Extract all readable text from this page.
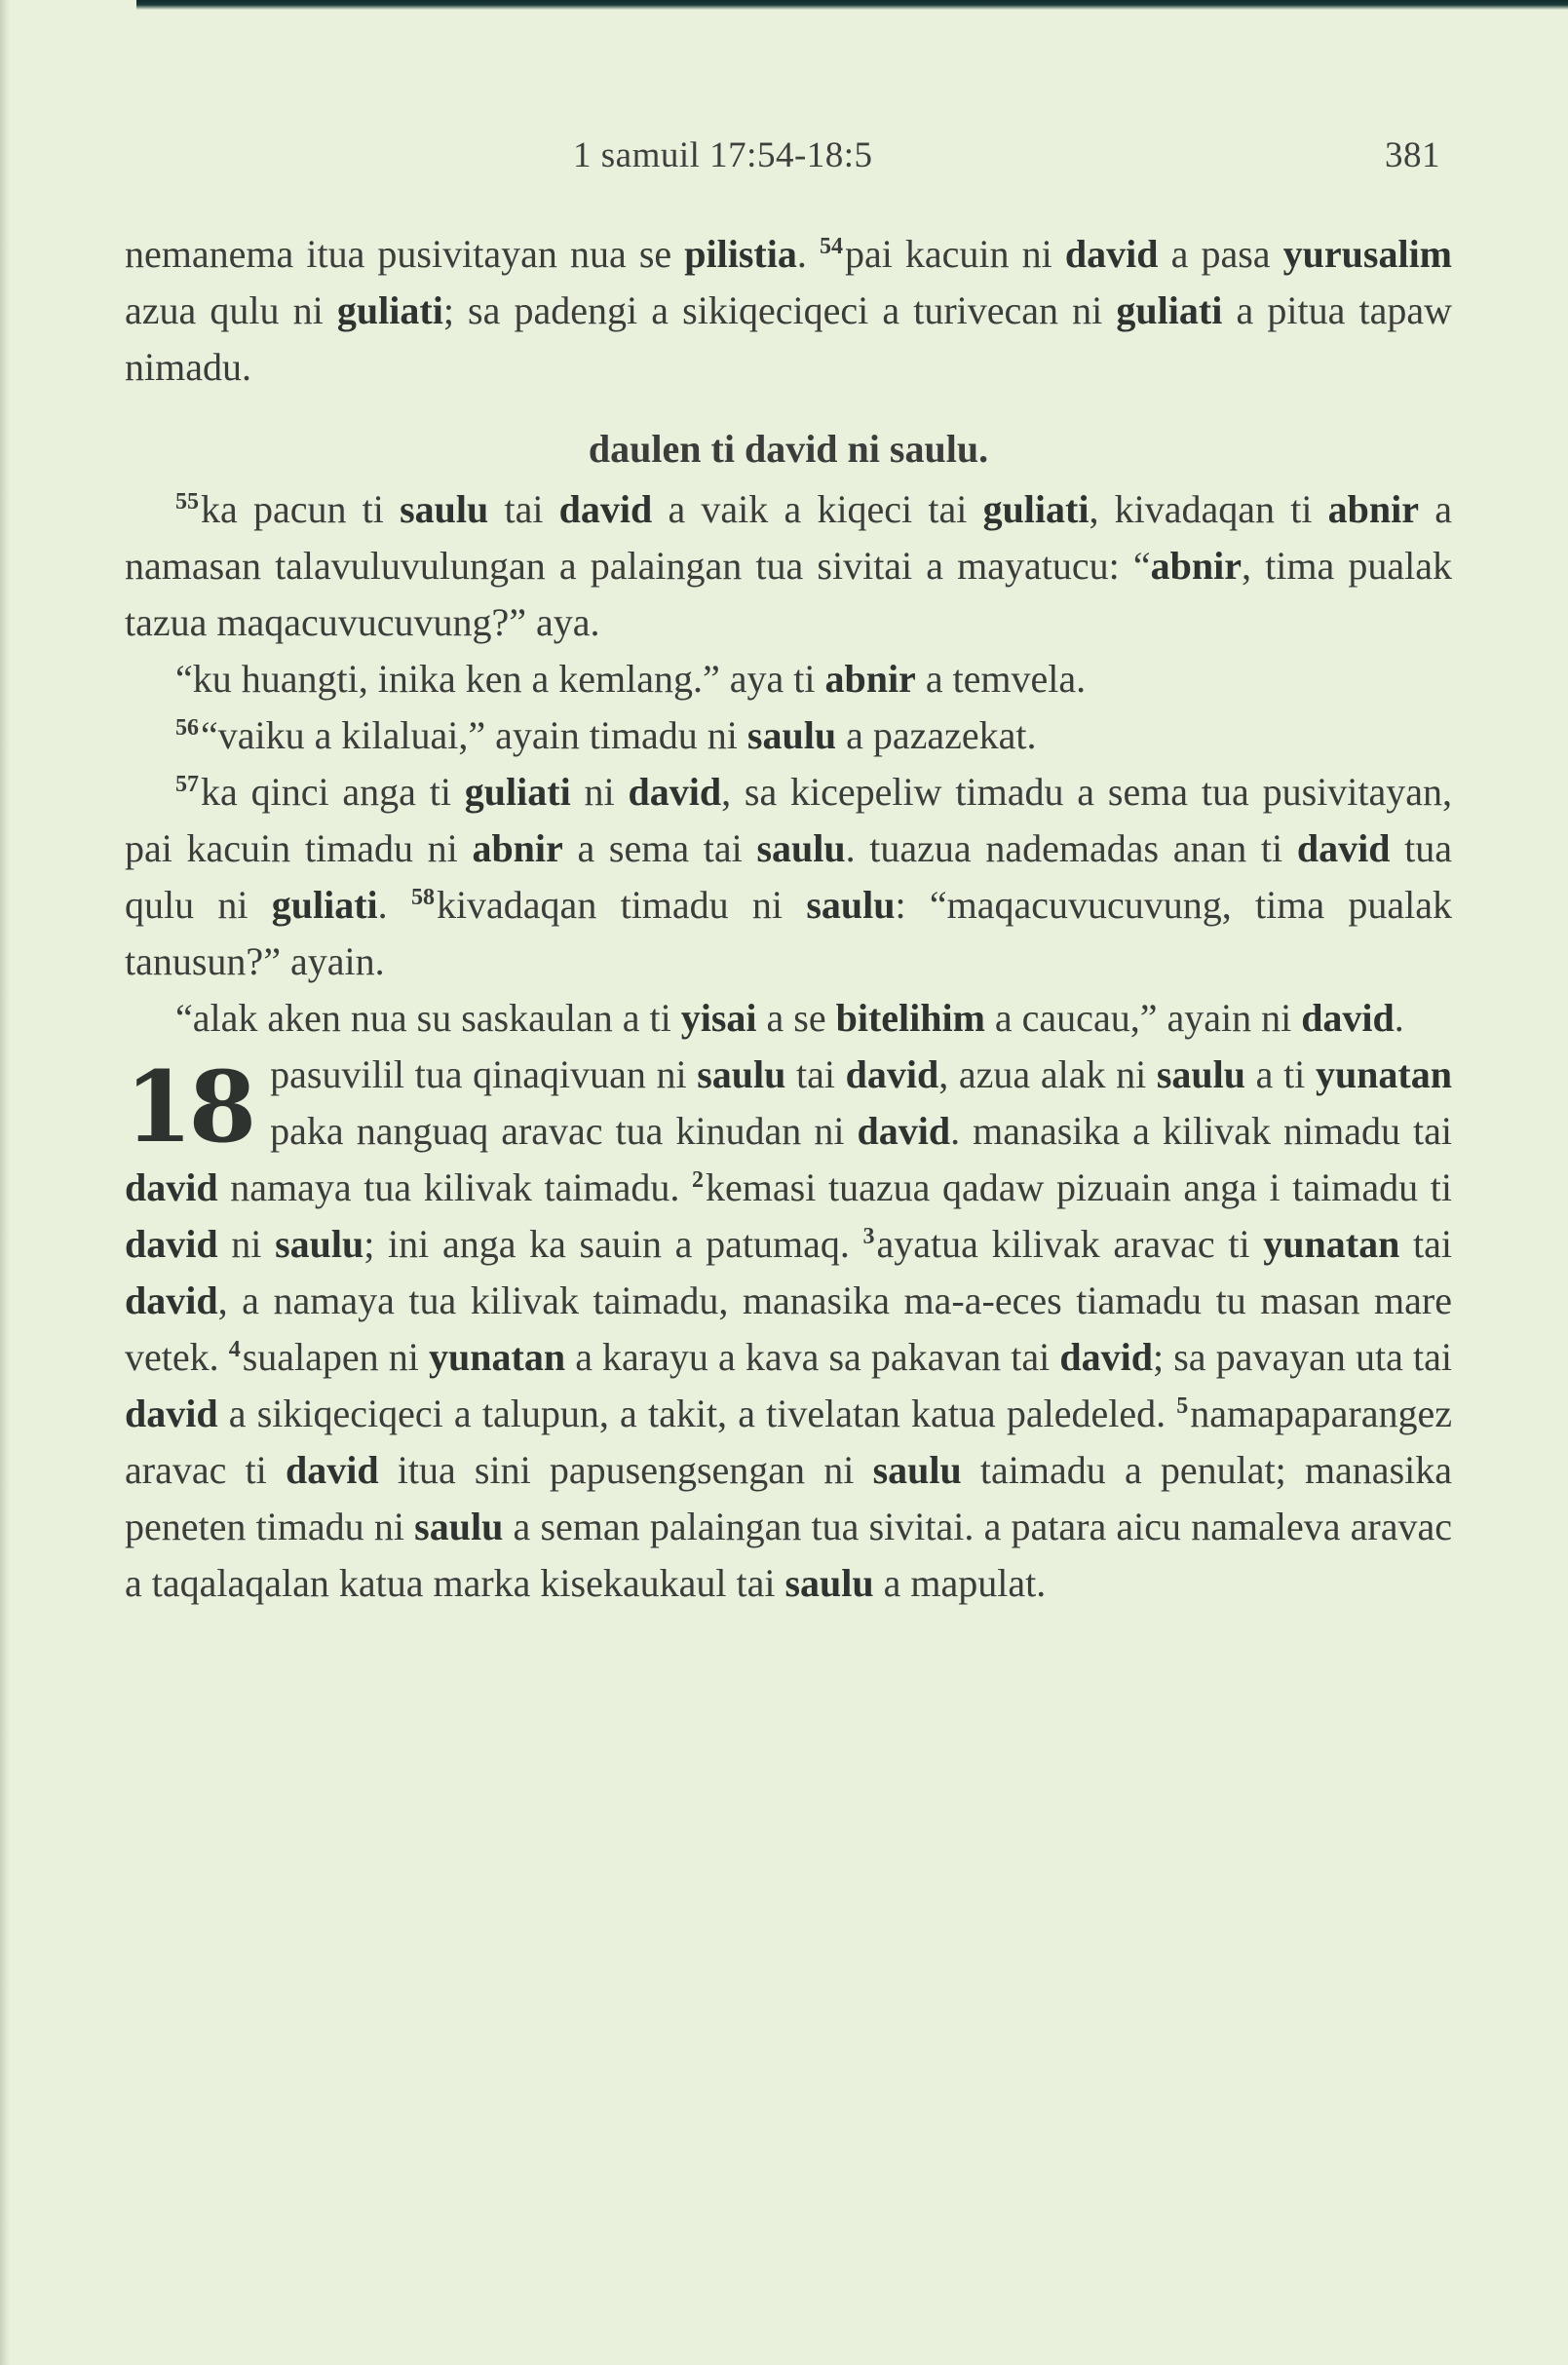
1 samuil 17:54-18:5	381

nemanema itua pusivitayan nua se pilistia. $^{54}$pai kacuin ni david a pasa yurusalim azua qulu ni guliati; sa padengi a sikiqeciqeci a turivecan ni guliati a pitua tapaw nimadu.

daulen ti david ni saulu.

$^{55}$ka pacun ti saulu tai david a vaik a kiqeci tai guliati, kivadaqan ti abnir a namasan talavuluvulungan a palaingan tua sivitai a mayatucu: “abnir, tima pualak tazua maqacuvucuvung?” aya.

“ku huangti, inika ken a kemlang.” aya ti abnir a temvela.

$^{56}$“vaiku a kilaluai,” ayain timadu ni saulu a pazazekat.

$^{57}$ka qinci anga ti guliati ni david, sa kicepeliw timadu a sema tua pusivitayan, pai kacuin timadu ni abnir a sema tai saulu. tuazua nademadas anan ti david tua qulu ni guliati. $^{58}$kivadaqan timadu ni saulu: “maqacuvucuvung, tima pualak tanusun?” ayain.

“alak aken nua su saskaulan a ti yisai a se bitelihim a caucau,” ayain ni david.

18 pasuvilil tua qinaqivuan ni saulu tai david, azua alak ni saulu a ti yunatan paka nanguaq aravac tua kinudan ni david. manasika a kilivak nimadu tai david namaya tua kilivak taimadu. $^2$kemasi tuazua qadaw pizuain anga i taimadu ti david ni saulu; ini anga ka sauin a patumaq. $^3$ayatua kilivak aravac ti yunatan tai david, a namaya tua kilivak taimadu, manasika ma-a-eces tiamadu tu masan mare vetek. $^4$sualapen ni yunatan a karayu a kava sa pakavan tai david; sa pavayan uta tai david a sikiqeciqeci a talupun, a takit, a tivelatan katua paledeled. $^5$namapaparangez aravac ti david itua sini papusengsengan ni saulu taimadu a penulat; manasika peneten timadu ni saulu a seman palaingan tua sivitai. a patara aicu namaleva aravac a taqalaqalan katua marka kisekaukaul tai saulu a mapulat.
